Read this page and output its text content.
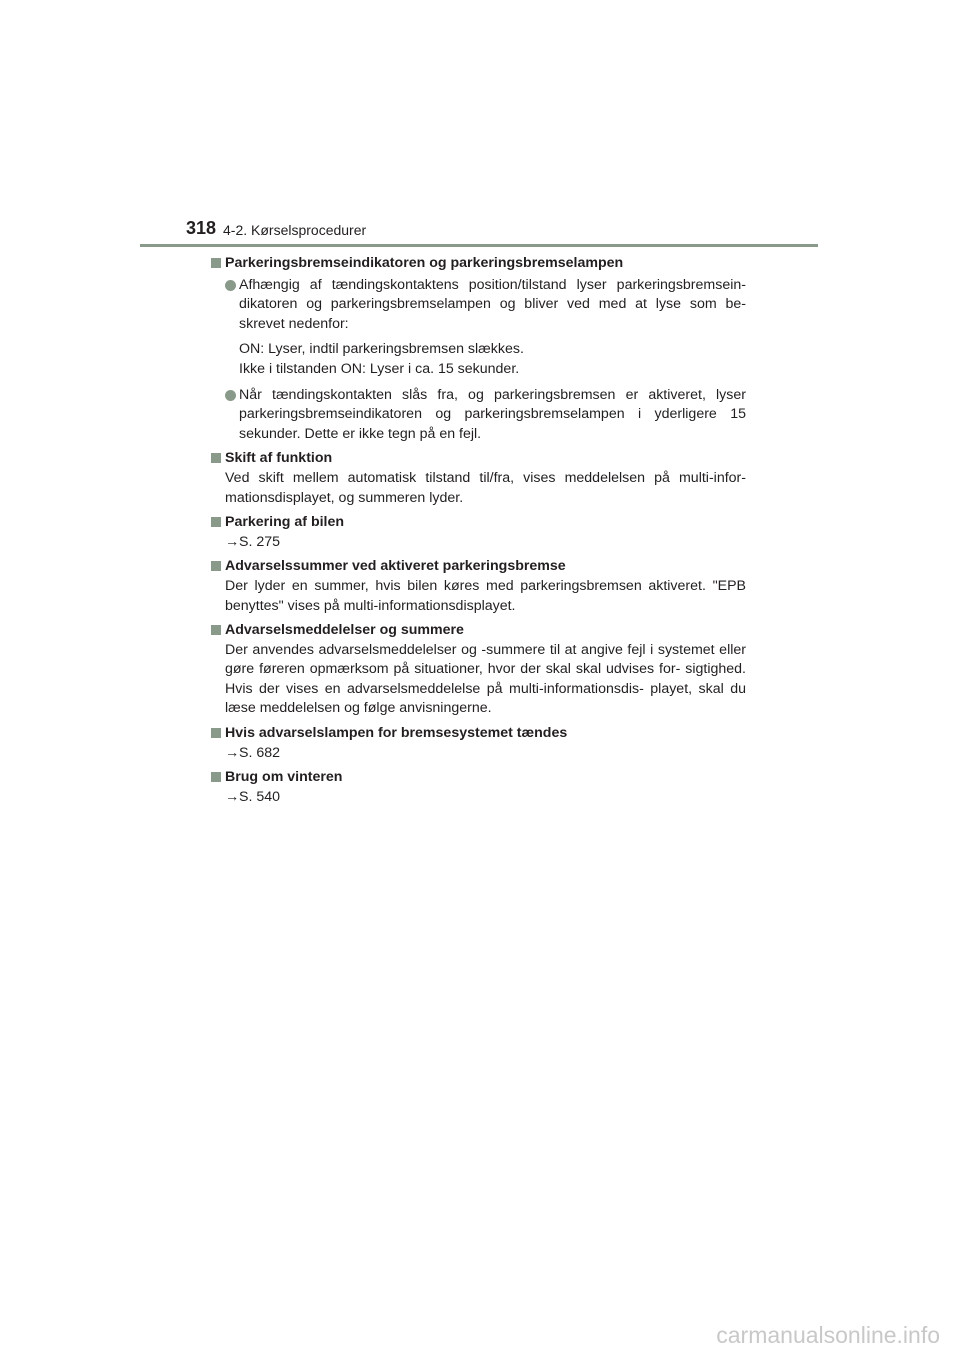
318 4-2. Kørselsprocedurer
Parkeringsbremseindikatoren og parkeringsbremselampen
Afhængig af tændingskontaktens position/tilstand lyser parkeringsbremsein- dikatoren og parkeringsbremselampen og bliver ved med at lyse som be- skrevet nedenfor:
ON: Lyser, indtil parkeringsbremsen slækkes.
Ikke i tilstanden ON: Lyser i ca. 15 sekunder.
Når tændingskontakten slås fra, og parkeringsbremsen er aktiveret, lyser parkeringsbremseindikatoren og parkeringsbremselampen i yderligere 15 sekunder. Dette er ikke tegn på en fejl.
Skift af funktion
Ved skift mellem automatisk tilstand til/fra, vises meddelelsen på multi-infor- mationsdisplayet, og summeren lyder.
Parkering af bilen
→S. 275
Advarselssummer ved aktiveret parkeringsbremse
Der lyder en summer, hvis bilen køres med parkeringsbremsen aktiveret. "EPB benyttes" vises på multi-informationsdisplayet.
Advarselsmeddelelser og summere
Der anvendes advarselsmeddelelser og -summere til at angive fejl i systemet eller gøre føreren opmærksom på situationer, hvor der skal skal udvises for- sigtighed. Hvis der vises en advarselsmeddelelse på multi-informationsdis- playet, skal du læse meddelelsen og følge anvisningerne.
Hvis advarselslampen for bremsesystemet tændes
→S. 682
Brug om vinteren
→S. 540
carmanualsonline.info
